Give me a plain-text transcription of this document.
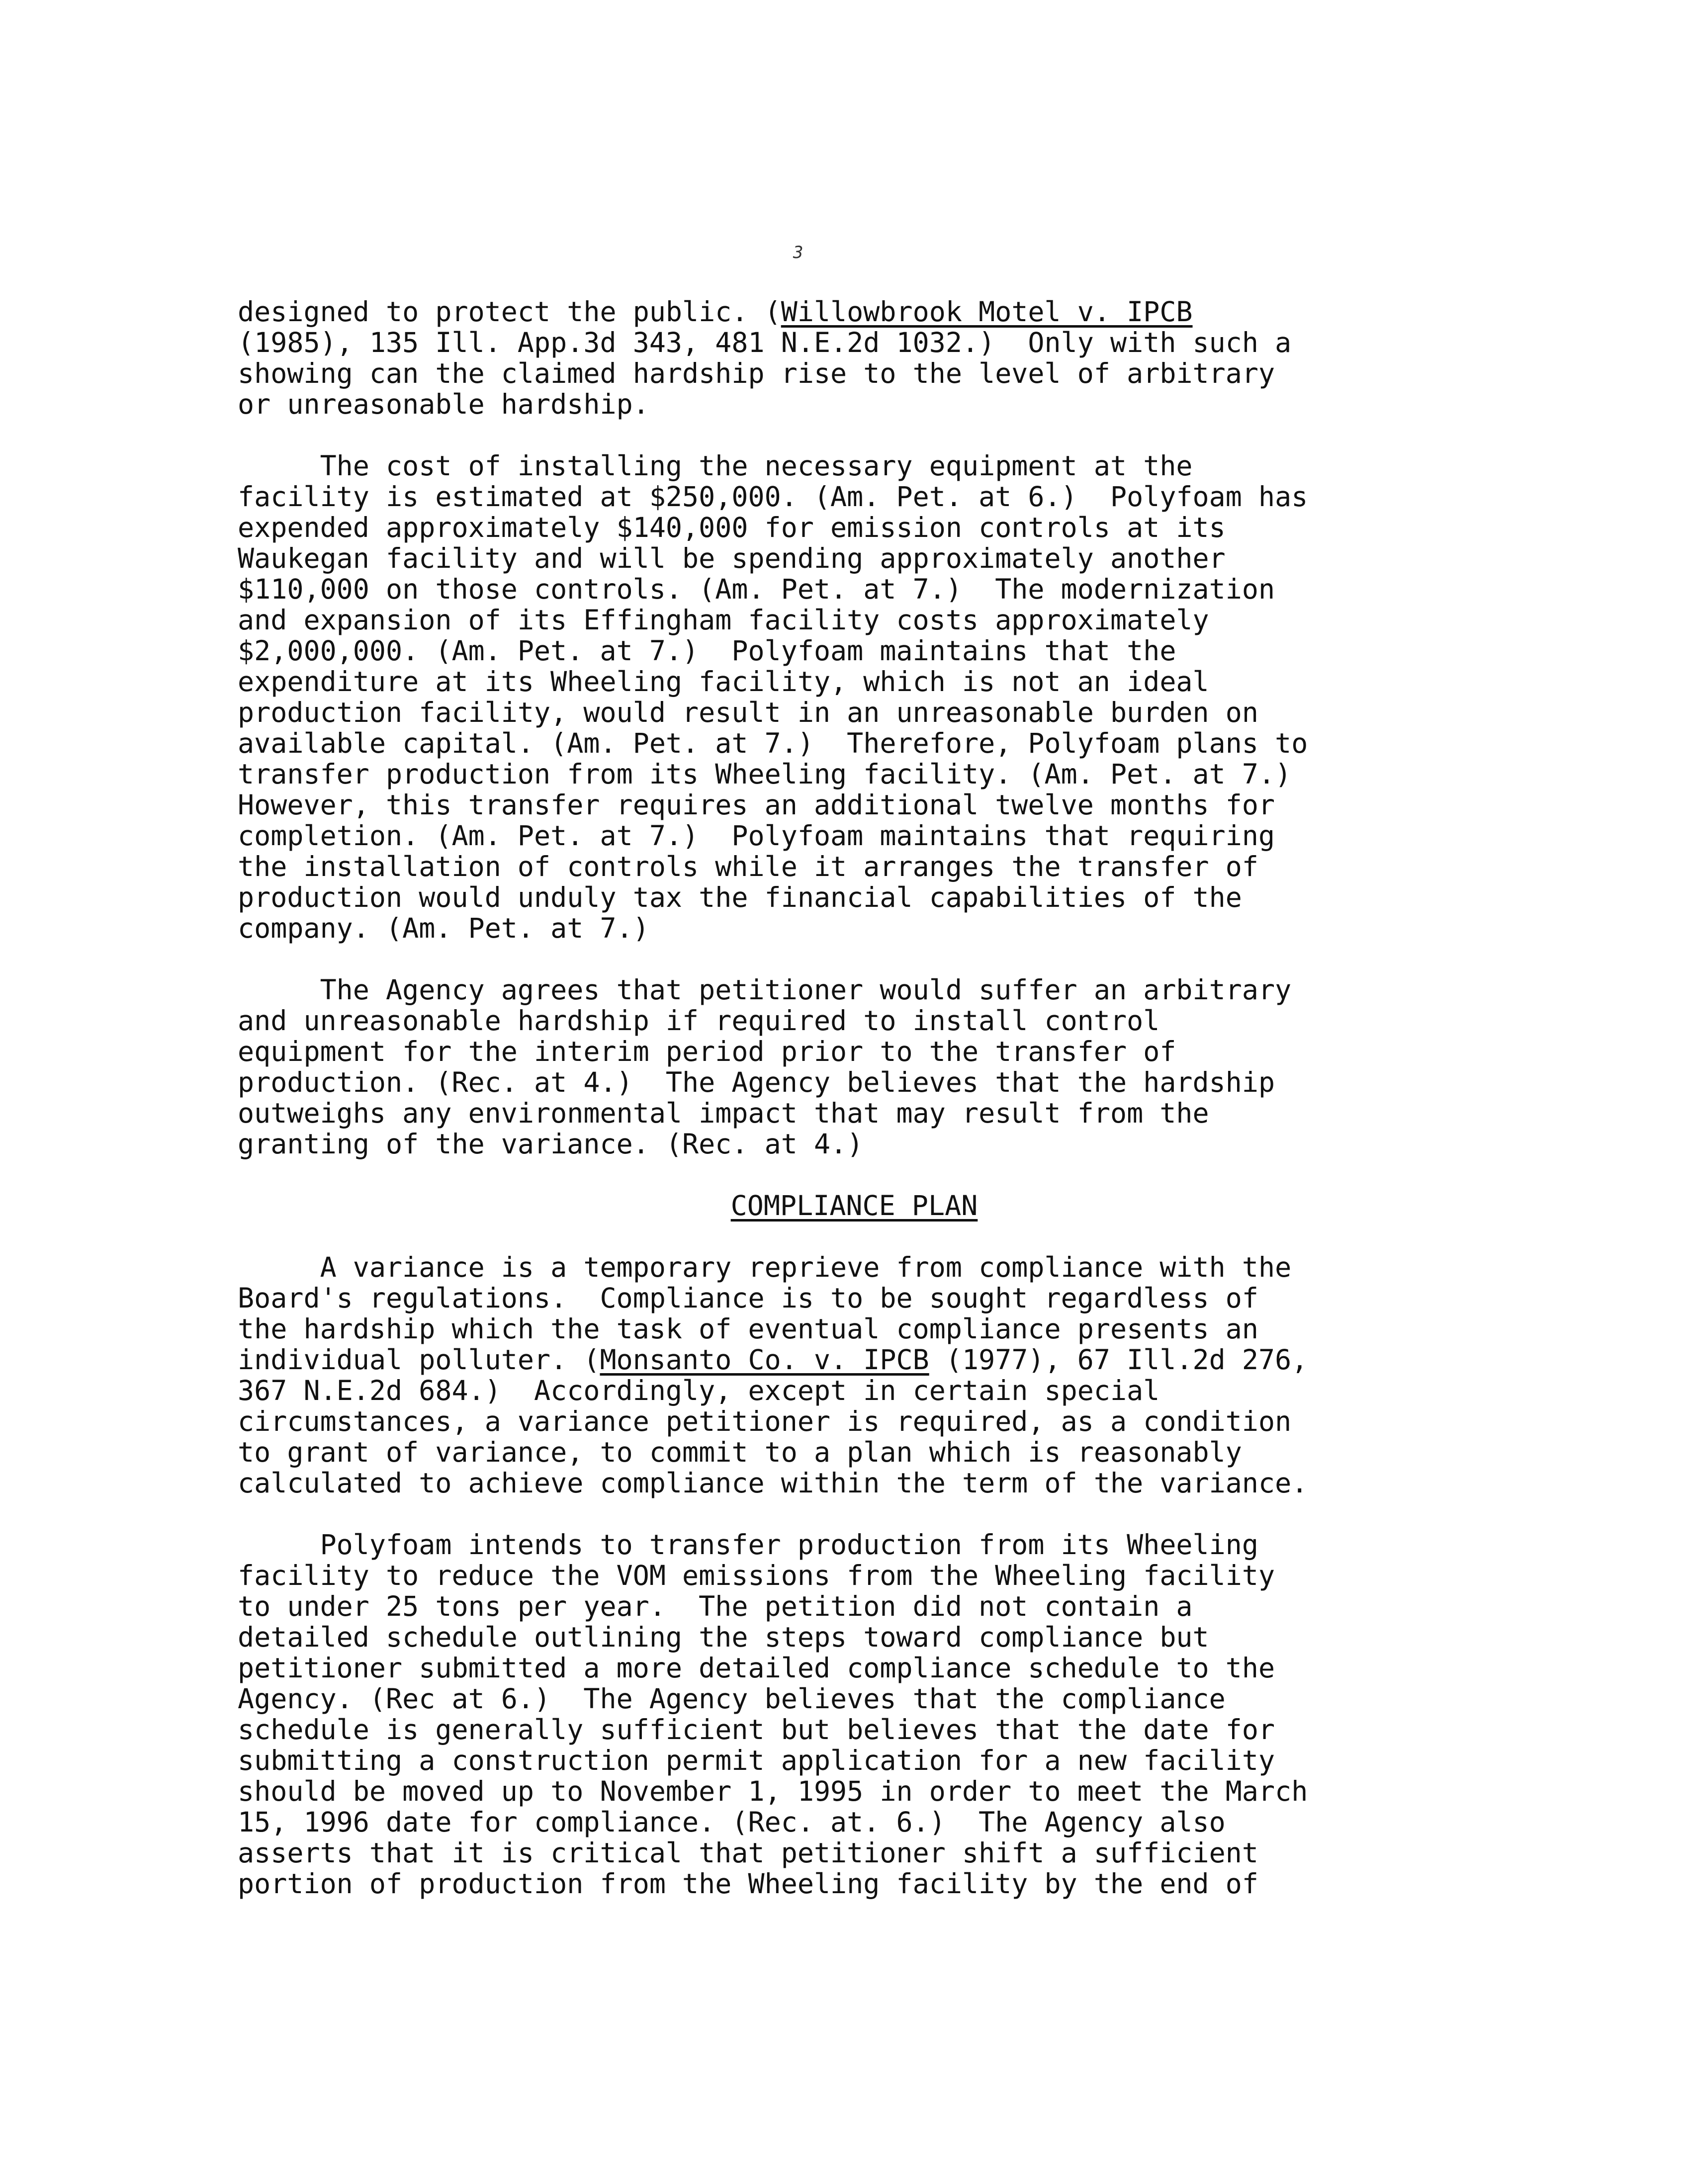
3
designed to protect the public. (Willowbrook Motel v. IPCB
(1985), 135 Ill. App.3d 343, 481 N.E.2d 1032.)  Only with such a
showing can the claimed hardship rise to the level of arbitrary
or unreasonable hardship.
The cost of installing the necessary equipment at the
facility is estimated at $250,000. (Am. Pet. at 6.)  Polyfoam has
expended approximately $140,000 for emission controls at its
Waukegan facility and will be spending approximately another
$110,000 on those controls. (Am. Pet. at 7.)  The modernization
and expansion of its Effingham facility costs approximately
$2,000,000. (Am. Pet. at 7.)  Polyfoam maintains that the
expenditure at its Wheeling facility, which is not an ideal
production facility, would result in an unreasonable burden on
available capital. (Am. Pet. at 7.)  Therefore, Polyfoam plans to
transfer production from its Wheeling facility. (Am. Pet. at 7.)
However, this transfer requires an additional twelve months for
completion. (Am. Pet. at 7.)  Polyfoam maintains that requiring
the installation of controls while it arranges the transfer of
production would unduly tax the financial capabilities of the
company. (Am. Pet. at 7.)
The Agency agrees that petitioner would suffer an arbitrary
and unreasonable hardship if required to install control
equipment for the interim period prior to the transfer of
production. (Rec. at 4.)  The Agency believes that the hardship
outweighs any environmental impact that may result from the
granting of the variance. (Rec. at 4.)
COMPLIANCE PLAN
A variance is a temporary reprieve from compliance with the
Board's regulations.  Compliance is to be sought regardless of
the hardship which the task of eventual compliance presents an
individual polluter. (Monsanto Co. v. IPCB (1977), 67 Ill.2d 276,
367 N.E.2d 684.)  Accordingly, except in certain special
circumstances, a variance petitioner is required, as a condition
to grant of variance, to commit to a plan which is reasonably
calculated to achieve compliance within the term of the variance.
Polyfoam intends to transfer production from its Wheeling
facility to reduce the VOM emissions from the Wheeling facility
to under 25 tons per year.  The petition did not contain a
detailed schedule outlining the steps toward compliance but
petitioner submitted a more detailed compliance schedule to the
Agency. (Rec at 6.)  The Agency believes that the compliance
schedule is generally sufficient but believes that the date for
submitting a construction permit application for a new facility
should be moved up to November 1, 1995 in order to meet the March
15, 1996 date for compliance. (Rec. at. 6.)  The Agency also
asserts that it is critical that petitioner shift a sufficient
portion of production from the Wheeling facility by the end of
